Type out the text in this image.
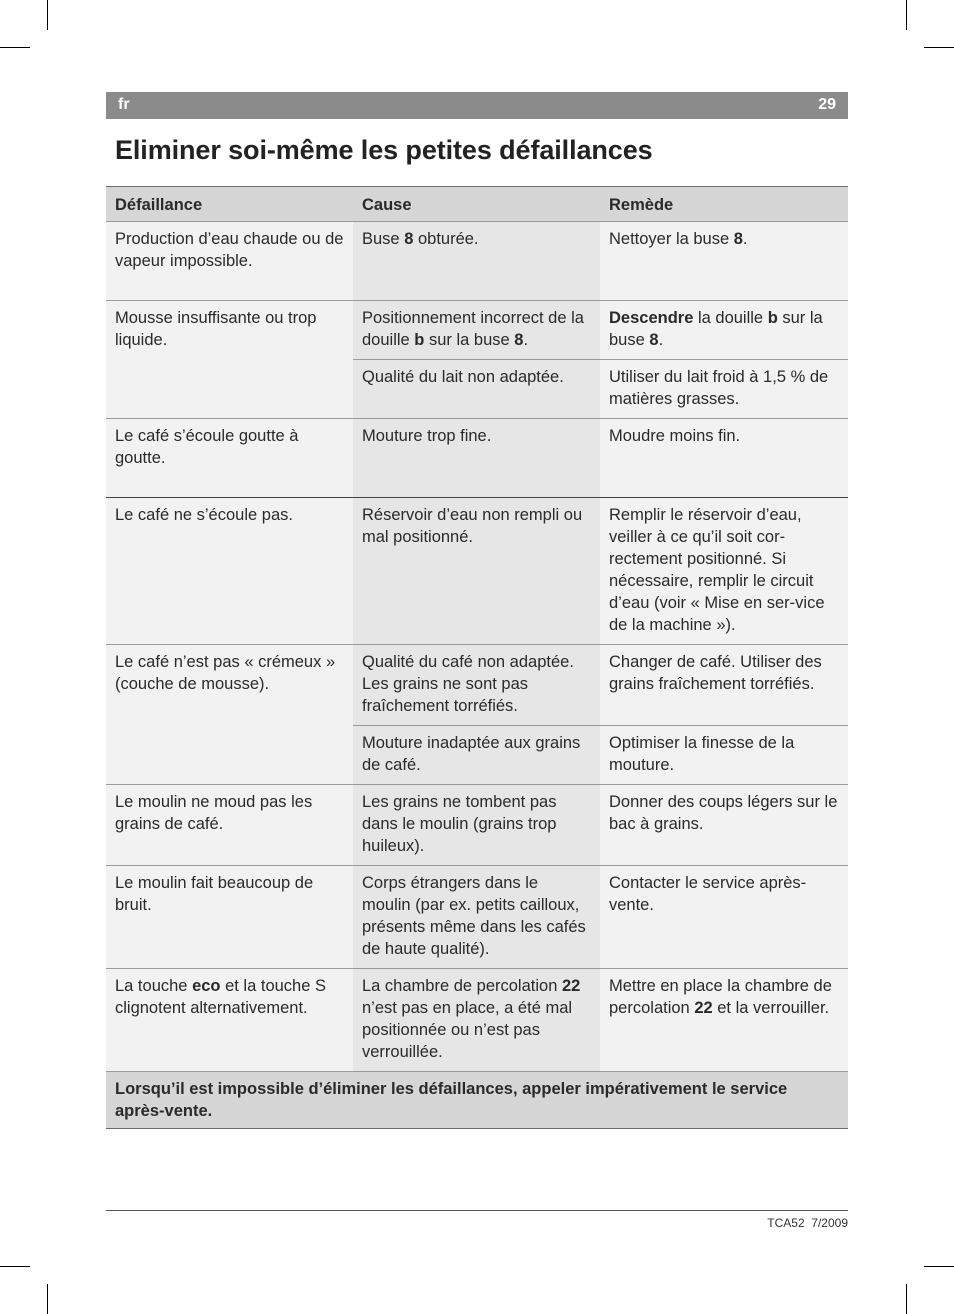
fr	29
Eliminer soi-même les petites défaillances
Défaillance	Cause	Remède
Production d’eau chaude ou de vapeur impossible.	Buse 8 obturée.	Nettoyer la buse 8.
Mousse insuffisante ou trop liquide.	Positionnement incorrect de la douille b sur la buse 8.	Descendre la douille b sur la buse 8.
	Qualité du lait non adaptée.	Utiliser du lait froid à 1,5 % de matières grasses.
Le café s’écoule goutte à goutte.	Mouture trop fine.	Moudre moins fin.
Le café ne s’écoule pas.	Réservoir d’eau non rempli ou mal positionné.	Remplir le réservoir d’eau, veiller à ce qu’il soit cor-rectement positionné. Si nécessaire, remplir le circuit d’eau (voir « Mise en ser-vice de la machine »).
Le café n’est pas « crémeux » (couche de mousse).	Qualité du café non adaptée. Les grains ne sont pas fraîchement torréfiés.	Changer de café. Utiliser des grains fraîchement torréfiés.
	Mouture inadaptée aux grains de café.	Optimiser la finesse de la mouture.
Le moulin ne moud pas les grains de café.	Les grains ne tombent pas dans le moulin (grains trop huileux).	Donner des coups légers sur le bac à grains.
Le moulin fait beaucoup de bruit.	Corps étrangers dans le moulin (par ex. petits cailloux, présents même dans les cafés de haute qualité).	Contacter le service après-vente.
La touche eco et la touche S clignotent alternativement.	La chambre de percolation 22 n’est pas en place, a été mal positionnée ou n’est pas verrouillée.	Mettre en place la chambre de percolation 22 et la verrouiller.
Lorsqu’il est impossible d’éliminer les défaillances, appeler impérativement le service après-vente.		
TCA52 7/2009
